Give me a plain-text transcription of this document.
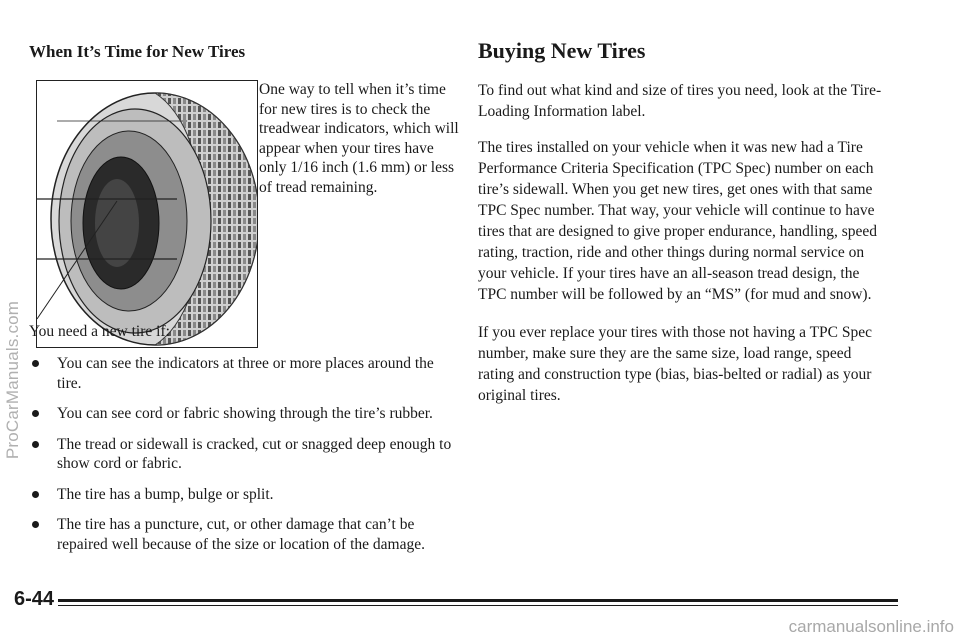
ProCarManuals.com
When It’s Time for New Tires

One way to tell when it’s time for new tires is to check the treadwear indicators, which will appear when your tires have only 1/16 inch (1.6 mm) or less of tread remaining.

You need a new tire if:

You can see the indicators at three or more places around the tire.
You can see cord or fabric showing through the tire’s rubber.
The tread or sidewall is cracked, cut or snagged deep enough to show cord or fabric.
The tire has a bump, bulge or split.
The tire has a puncture, cut, or other damage that can’t be repaired well because of the size or location of the damage.
Buying New Tires

To find out what kind and size of tires you need, look at the Tire-Loading Information label.

The tires installed on your vehicle when it was new had a Tire Performance Criteria Specification (TPC Spec) number on each tire’s sidewall. When you get new tires, get ones with that same TPC Spec number. That way, your vehicle will continue to have tires that are designed to give proper endurance, handling, speed rating, traction, ride and other things during normal service on your vehicle. If your tires have an all-season tread design, the TPC number will be followed by an “MS” (for mud and snow).

If you ever replace your tires with those not having a TPC Spec number, make sure they are the same size, load range, speed rating and construction type (bias, bias-belted or radial) as your original tires.

6-44
carmanualsonline.info
